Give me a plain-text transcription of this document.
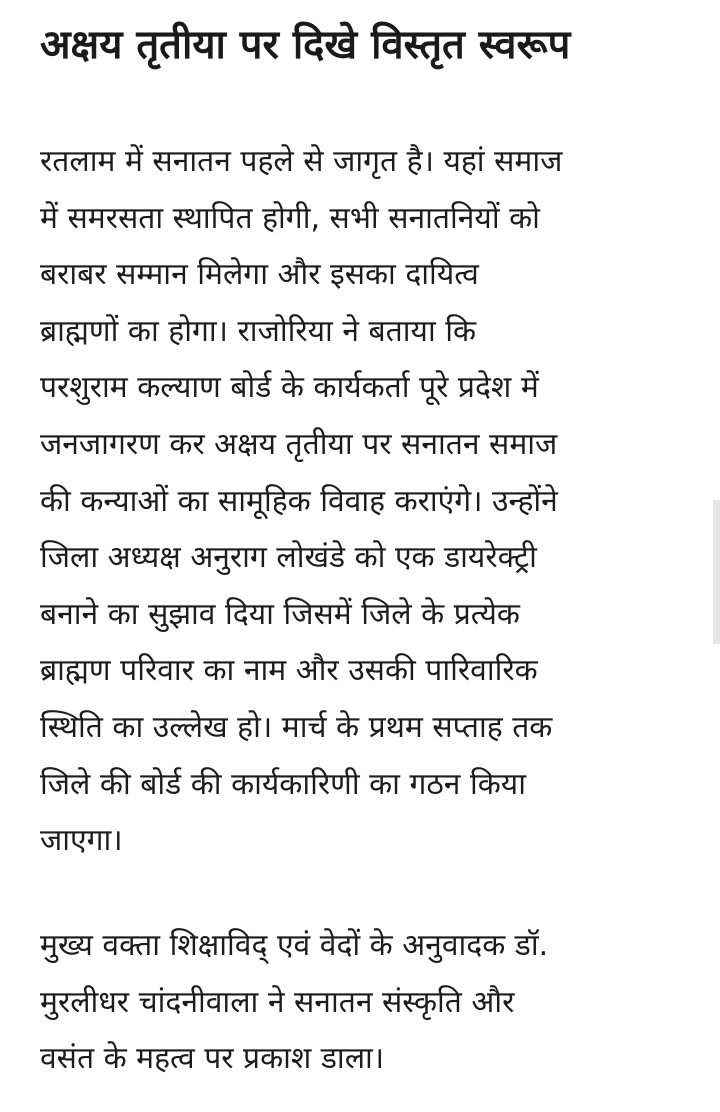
अक्षय तृतीया पर दिखे विस्तृत स्वरूप

रतलाम में सनातन पहले से जागृत है। यहां समाज
में समरसता स्थापित होगी, सभी सनातनियों को
बराबर सम्मान मिलेगा और इसका दायित्व
ब्राह्मणों का होगा। राजोरिया ने बताया कि
परशुराम कल्याण बोर्ड के कार्यकर्ता पूरे प्रदेश में
जनजागरण कर अक्षय तृतीया पर सनातन समाज
की कन्याओं का सामूहिक विवाह कराएंगे। उन्होंने
जिला अध्यक्ष अनुराग लोखंडे को एक डायरेक्ट्री
बनाने का सुझाव दिया जिसमें जिले के प्रत्येक
ब्राह्मण परिवार का नाम और उसकी पारिवारिक
स्थिति का उल्लेख हो। मार्च के प्रथम सप्ताह तक
जिले की बोर्ड की कार्यकारिणी का गठन किया
जाएगा।

मुख्य वक्ता शिक्षाविद् एवं वेदों के अनुवादक डॉ.
मुरलीधर चांदनीवाला ने सनातन संस्कृति और
वसंत के महत्व पर प्रकाश डाला।
